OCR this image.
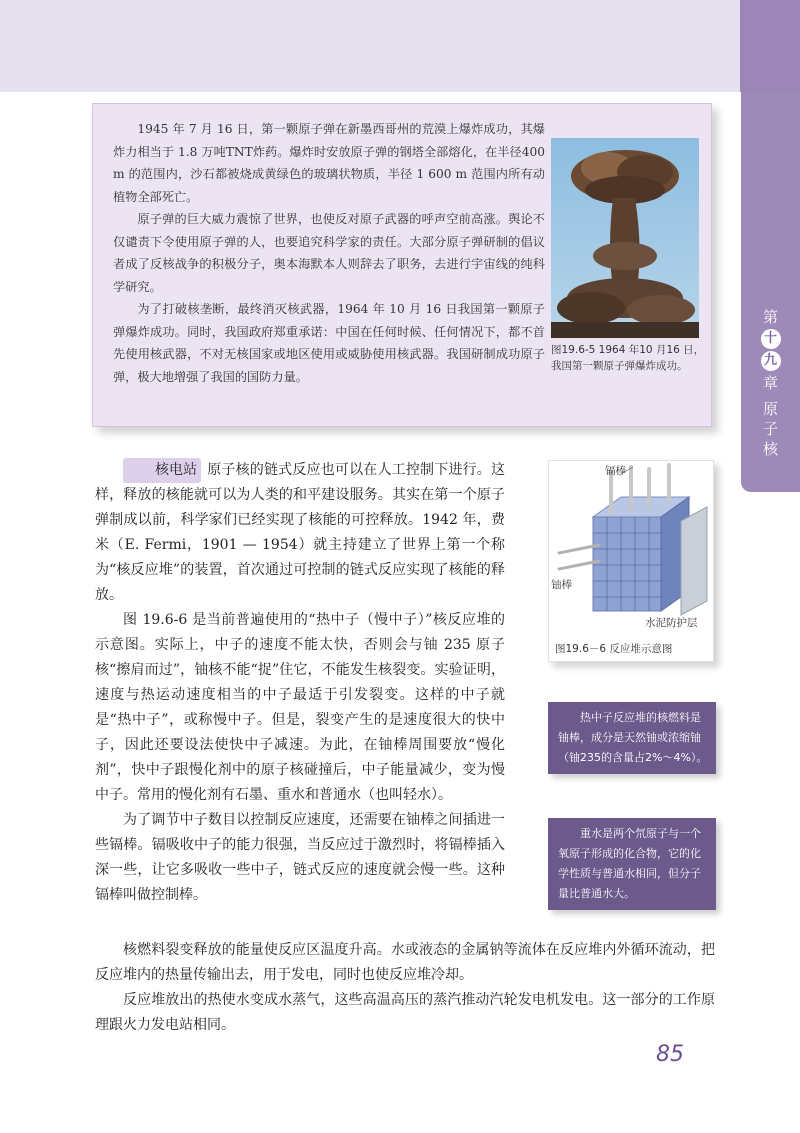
第
十
九
章
原
子
核

1945 年 7 月 16 日，第一颗原子弹在新墨西哥州的荒漠上爆炸成功，其爆炸力相当于 1.8 万吨TNT炸药。爆炸时安放原子弹的钢塔全部熔化，在半径400 m 的范围内，沙石都被烧成黄绿色的玻璃状物质，半径 1 600 m 范围内所有动植物全部死亡。

原子弹的巨大威力震惊了世界，也使反对原子武器的呼声空前高涨。舆论不仅谴责下令使用原子弹的人，也要追究科学家的责任。大部分原子弹研制的倡议者成了反核战争的积极分子，奥本海默本人则辞去了职务，去进行宇宙线的纯科学研究。

为了打破核垄断，最终消灭核武器，1964 年 10 月 16 日我国第一颗原子弹爆炸成功。同时，我国政府郑重承诺：中国在任何时候、任何情况下，都不首先使用核武器，不对无核国家或地区使用或威胁使用核武器。我国研制成功原子弹，极大地增强了我国的国防力量。

图19.6-5 1964 年10 月16 日，我国第一颗原子弹爆炸成功。

核电站 原子核的链式反应也可以在人工控制下进行。这样，释放的核能就可以为人类的和平建设服务。其实在第一个原子弹制成以前，科学家们已经实现了核能的可控释放。1942 年，费米（E. Fermi，1901 — 1954）就主持建立了世界上第一个称为“核反应堆”的装置，首次通过可控制的链式反应实现了核能的释放。

图 19.6-6 是当前普遍使用的“热中子（慢中子）”核反应堆的示意图。实际上，中子的速度不能太快，否则会与铀 235 原子核“擦肩而过”，铀核不能“捉”住它，不能发生核裂变。实验证明，速度与热运动速度相当的中子最适于引发裂变。这样的中子就是“热中子”，或称慢中子。但是，裂变产生的是速度很大的快中子，因此还要设法使快中子减速。为此，在铀棒周围要放“慢化剂”，快中子跟慢化剂中的原子核碰撞后，中子能量减少，变为慢中子。常用的慢化剂有石墨、重水和普通水（也叫轻水）。

为了调节中子数目以控制反应速度，还需要在铀棒之间插进一些镉棒。镉吸收中子的能力很强，当反应过于激烈时，将镉棒插入深一些，让它多吸收一些中子，链式反应的速度就会慢一些。这种镉棒叫做控制棒。

核燃料裂变释放的能量使反应区温度升高。水或液态的金属钠等流体在反应堆内外循环流动，把反应堆内的热量传输出去，用于发电，同时也使反应堆冷却。

反应堆放出的热使水变成水蒸气，这些高温高压的蒸汽推动汽轮发电机发电。这一部分的工作原理跟火力发电站相同。

镉棒
铀棒
水泥防护层
图19.6－6 反应堆示意图
热中子反应堆的核燃料是铀棒，成分是天然铀或浓缩铀（铀235的含量占2%～4%）。
重水是两个氘原子与一个氧原子形成的化合物，它的化学性质与普通水相同，但分子量比普通水大。
85
